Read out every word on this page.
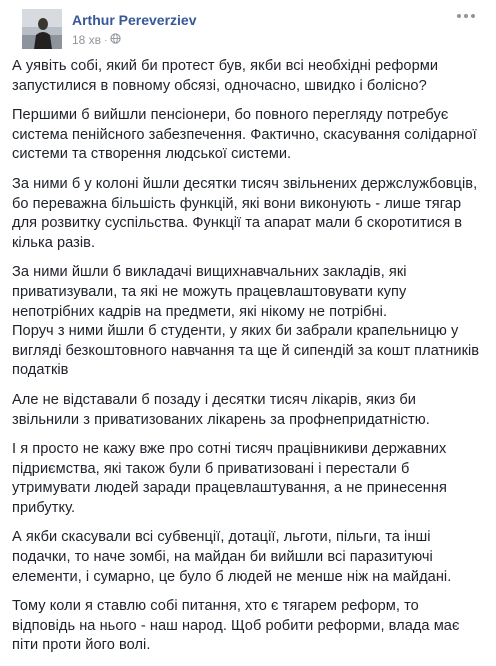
Arthur Pereverziev
18 хв ·

А уявіть собі, який би протест був, якби всі необхідні реформи запустилися в повному обсязі, одночасно, швидко і болісно?

Першими б вийшли пенсіонери, бо повного перегляду потребує система пенійсного забезпечення. Фактично, скасування солідарної системи та створення людської системи.

За ними б у колоні йшли десятки тисяч звільнених держслужбовців, бо переважна більшість функцій, які вони виконують - лише тягар для розвитку суспільства. Функції та апарат мали б скоротитися в кілька разів.

За ними йшли б викладачі вищихнавчальних закладів, які приватизували, та які не можуть працевлаштовувати купу непотрібних кадрів на предмети, які нікому не потрібні.

Поруч з ними йшли б студенти, у яких би забрали крапельницю у вигляді безкоштовного навчання та ще й сипендій за кошт платників податків

Але не відставали б позаду і десятки тисяч лікарів, якиз би звільнили з приватизованих лікарень за профнепридатністю.

І я просто не кажу вже про сотні тисяч працівникиви державних підриємства, які також були б приватизовані і перестали б утримувати людей заради працевлаштування, а не принесення прибутку.

А якби скасували всі субвенції, дотації, льготи, пільги, та інші подачки, то наче зомбі, на майдан би вийшли всі паразитуючі елементи, і сумарно, це було б людей не менше ніж на майдані.

Тому коли я ставлю собі питання, хто є тягарем реформ, то відповідь на нього - наш народ. Щоб робити реформи, влада має піти проти його волі.
